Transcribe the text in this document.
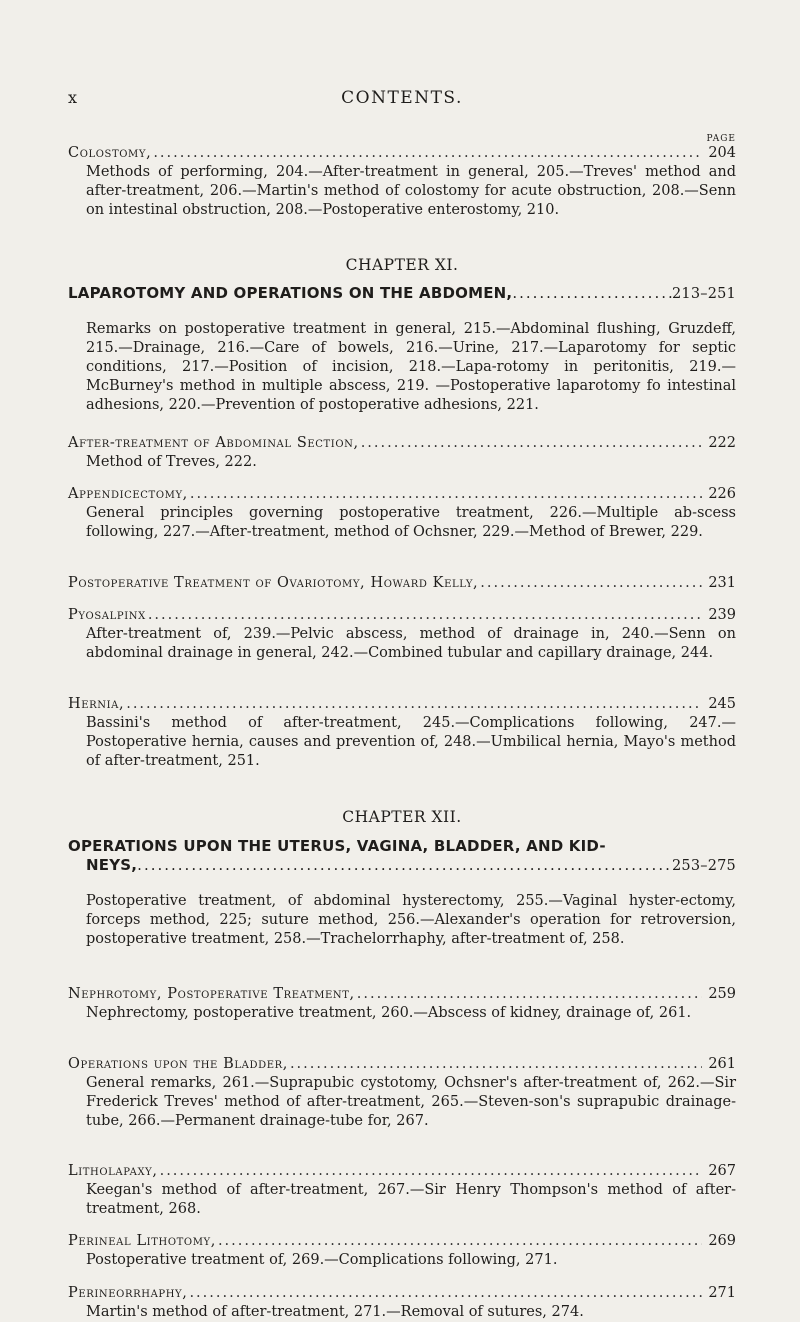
x	CONTENTS.
PAGE
Colostomy, .....	204

Methods of performing, 204.—After-treatment in general, 205.—Treves' method and after-treatment, 206.—Martin's method of colostomy for acute obstruction, 208.—Senn on intestinal obstruction, 208.—Postoperative enterostomy, 210.

CHAPTER XI.
LAPAROTOMY AND OPERATIONS ON THE ABDOMEN, .....	213–251

Remarks on postoperative treatment in general, 215.—Abdominal flushing, Gruzdeff, 215.—Drainage, 216.—Care of bowels, 216.—Urine, 217.—Laparotomy for septic conditions, 217.—Position of incision, 218.—Lapa-rotomy in peritonitis, 219.—McBurney's method in multiple abscess, 219. —Postoperative laparotomy fo intestinal adhesions, 220.—Prevention of postoperative adhesions, 221.

After-treatment of Abdominal Section, .....	222

Method of Treves, 222.

Appendicectomy, .....	226

General principles governing postoperative treatment, 226.—Multiple ab-scess following, 227.—After-treatment, method of Ochsner, 229.—Method of Brewer, 229.

Postoperative Treatment of Ovariotomy, Howard Kelly, .....	231
Pyosalpinx .....	239

After-treatment of, 239.—Pelvic abscess, method of drainage in, 240.—Senn on abdominal drainage in general, 242.—Combined tubular and capillary drainage, 244.

Hernia, .....	245

Bassini's method of after-treatment, 245.—Complications following, 247.—Postoperative hernia, causes and prevention of, 248.—Umbilical hernia, Mayo's method of after-treatment, 251.

CHAPTER XII.
OPERATIONS UPON THE UTERUS, VAGINA, BLADDER, AND KID-
NEYS, .....	253–275

Postoperative treatment, of abdominal hysterectomy, 255.—Vaginal hyster-ectomy, forceps method, 225; suture method, 256.—Alexander's operation for retroversion, postoperative treatment, 258.—Trachelorrhaphy, after-treatment of, 258.

Nephrotomy, Postoperative Treatment, .....	259

Nephrectomy, postoperative treatment, 260.—Abscess of kidney, drainage of, 261.

Operations upon the Bladder, .....	261

General remarks, 261.—Suprapubic cystotomy, Ochsner's after-treatment of, 262.—Sir Frederick Treves' method of after-treatment, 265.—Steven-son's suprapubic drainage-tube, 266.—Permanent drainage-tube for, 267.

Litholapaxy, .....	267

Keegan's method of after-treatment, 267.—Sir Henry Thompson's method of after-treatment, 268.

Perineal Lithotomy, .....	269

Postoperative treatment of, 269.—Complications following, 271.

Perineorrhaphy, .....	271

Martin's method of after-treatment, 271.—Removal of sutures, 274.
